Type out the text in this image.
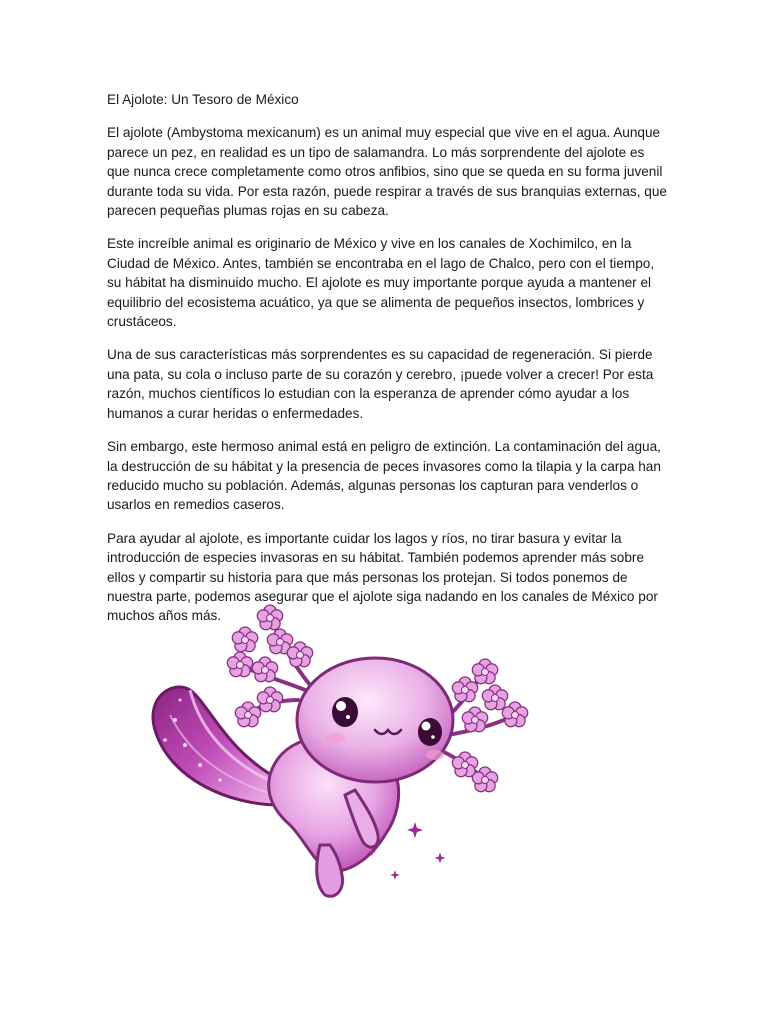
El Ajolote: Un Tesoro de México

El ajolote (Ambystoma mexicanum) es un animal muy especial que vive en el agua. Aunque parece un pez, en realidad es un tipo de salamandra. Lo más sorprendente del ajolote es que nunca crece completamente como otros anfibios, sino que se queda en su forma juvenil durante toda su vida. Por esta razón, puede respirar a través de sus branquias externas, que parecen pequeñas plumas rojas en su cabeza.

Este increíble animal es originario de México y vive en los canales de Xochimilco, en la Ciudad de México. Antes, también se encontraba en el lago de Chalco, pero con el tiempo, su hábitat ha disminuido mucho. El ajolote es muy importante porque ayuda a mantener el equilibrio del ecosistema acuático, ya que se alimenta de pequeños insectos, lombrices y crustáceos.

Una de sus características más sorprendentes es su capacidad de regeneración. Si pierde una pata, su cola o incluso parte de su corazón y cerebro, ¡puede volver a crecer! Por esta razón, muchos científicos lo estudian con la esperanza de aprender cómo ayudar a los humanos a curar heridas o enfermedades.

Sin embargo, este hermoso animal está en peligro de extinción. La contaminación del agua, la destrucción de su hábitat y la presencia de peces invasores como la tilapia y la carpa han reducido mucho su población. Además, algunas personas los capturan para venderlos o usarlos en remedios caseros.

Para ayudar al ajolote, es importante cuidar los lagos y ríos, no tirar basura y evitar la introducción de especies invasoras en su hábitat. También podemos aprender más sobre ellos y compartir su historia para que más personas los protejan. Si todos ponemos de nuestra parte, podemos asegurar que el ajolote siga nadando en los canales de México por muchos años más.
